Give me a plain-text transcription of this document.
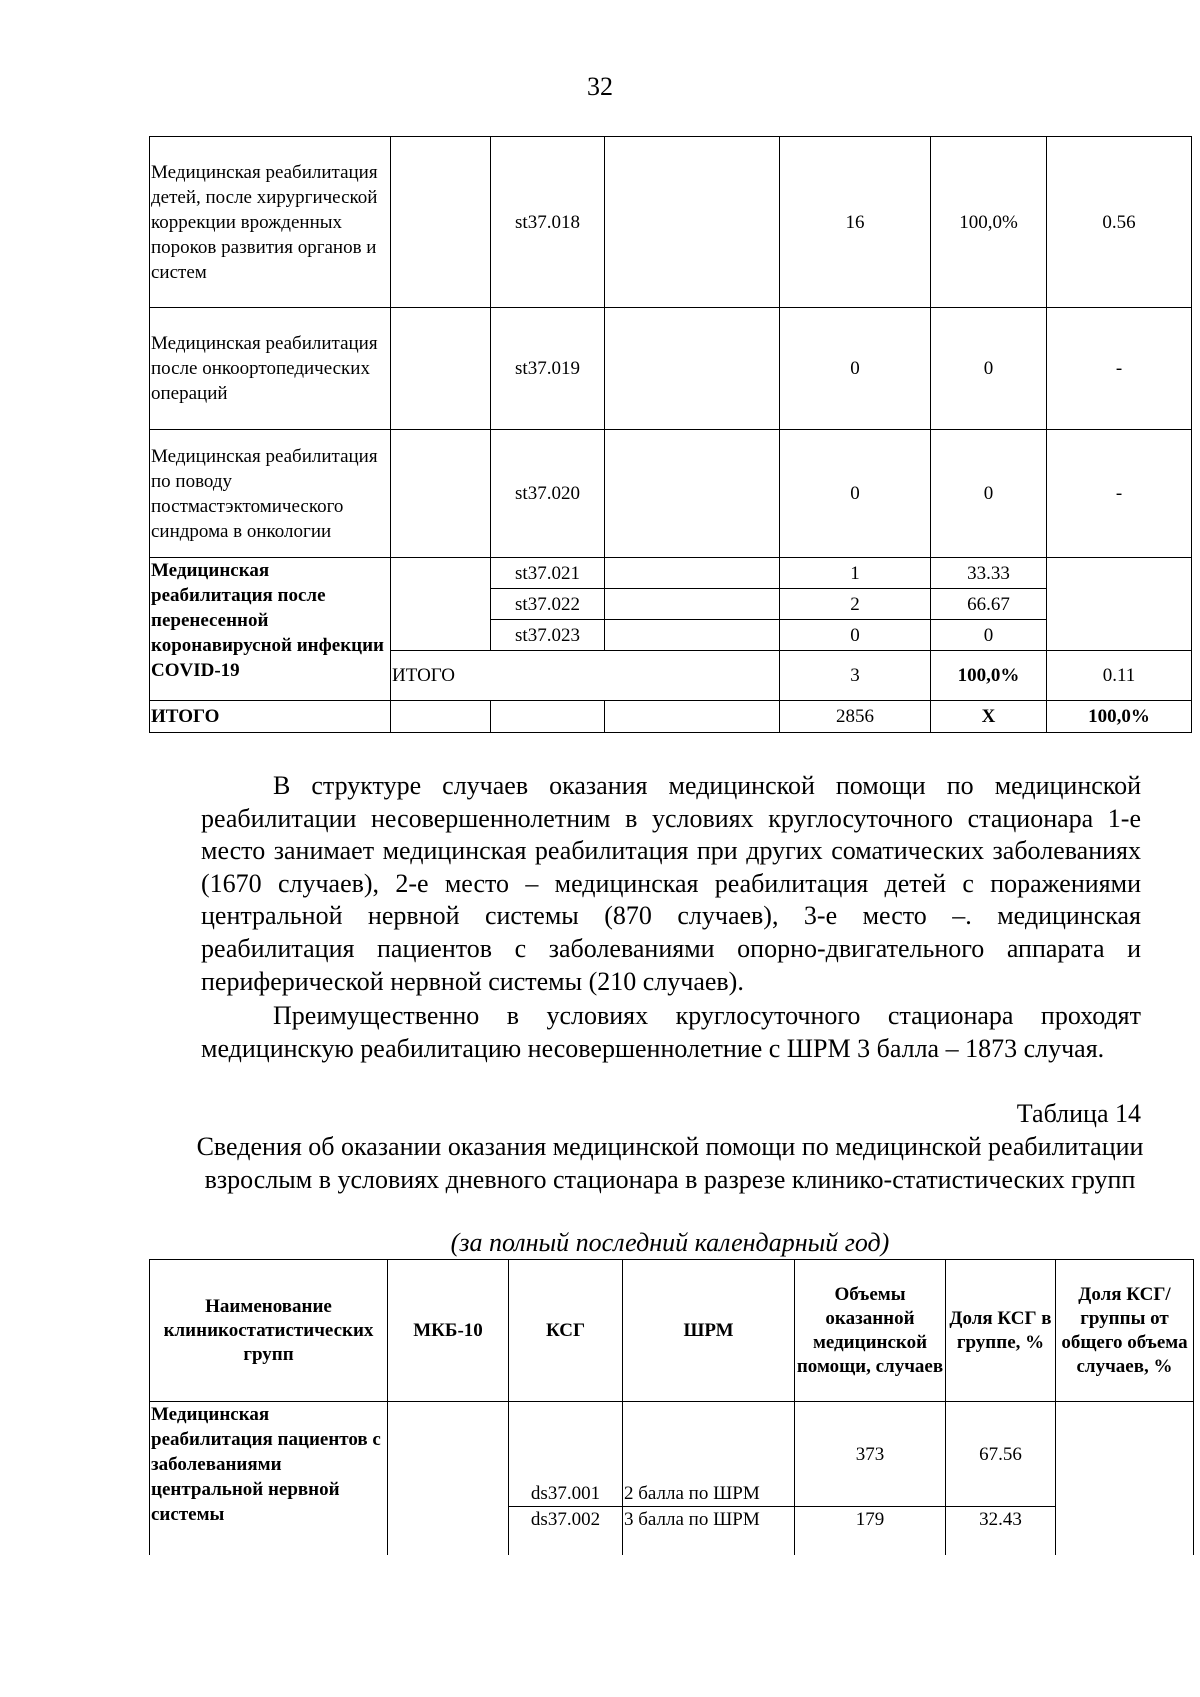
32
Медицинская реабилитация детей, после хирургической коррекции врожденных пороков развития органов и систем		st37.018		16	100,0%	0.56
Медицинская реабилитация после онкоортопедических операций		st37.019		0	0	-
Медицинская реабилитация по поводу постмастэктомического синдрома в онкологии		st37.020		0	0	-
Медицинская реабилитация после перенесенной коронавирусной инфекции COVID-19		st37.021		1	33.33	
		st37.022		2	66.67	
		st37.023		0	0	
	ИТОГО			3	100,0%	0.11
ИТОГО				2856	Х	100,0%
В структуре случаев оказания медицинской помощи по медицинской реабилитации несовершеннолетним в условиях круглосуточного стационара 1-е место занимает медицинская реабилитация при других соматических заболеваниях (1670 случаев), 2-е место – медицинская реабилитация детей с поражениями центральной нервной системы (870 случаев), 3-е место –. медицинская реабилитация пациентов с заболеваниями опорно-двигательного аппарата и периферической нервной системы (210 случаев).
Преимущественно в условиях круглосуточного стационара проходят медицинскую реабилитацию несовершеннолетние с ШРМ 3 балла – 1873 случая.
Таблица 14
Сведения об оказании оказания медицинской помощи по медицинской реабилитации взрослым в условиях дневного стационара в разрезе клинико-статистических групп
(за полный последний календарный год)
Наименование клиникостатистических групп	МКБ-10	КСГ	ШРМ	Объемы оказанной медицинской помощи, случаев	Доля КСГ в группе, %	Доля КСГ/группы от общего объема случаев, %
Медицинская реабилитация пациентов с заболеваниями центральной нервной системы		ds37.001	2 балла по ШРМ	373	67.56	
		ds37.002	3 балла по ШРМ	179	32.43	
